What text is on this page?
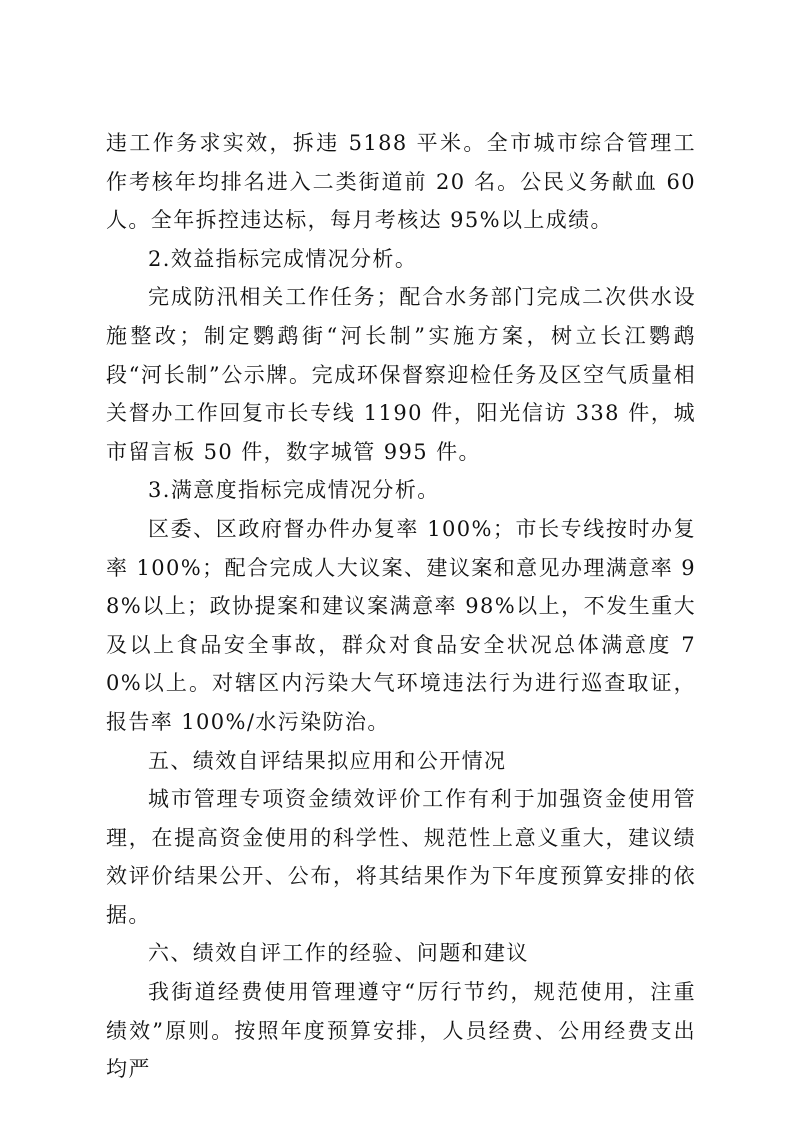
违工作务求实效，拆违 5188 平米。全市城市综合管理工作考核年均排名进入二类街道前 20 名。公民义务献血 60 人。全年拆控违达标，每月考核达 95%以上成绩。

2.效益指标完成情况分析。

完成防汛相关工作任务；配合水务部门完成二次供水设施整改；制定鹦鹉街“河长制”实施方案，树立长江鹦鹉段“河长制”公示牌。完成环保督察迎检任务及区空气质量相关督办工作回复市长专线 1190 件，阳光信访 338 件，城市留言板 50 件，数字城管 995 件。

3.满意度指标完成情况分析。

区委、区政府督办件办复率 100%；市长专线按时办复率 100%；配合完成人大议案、建议案和意见办理满意率 98%以上；政协提案和建议案满意率 98%以上，不发生重大及以上食品安全事故，群众对食品安全状况总体满意度 70%以上。对辖区内污染大气环境违法行为进行巡查取证，报告率 100%/水污染防治。

五、绩效自评结果拟应用和公开情况

城市管理专项资金绩效评价工作有利于加强资金使用管理，在提高资金使用的科学性、规范性上意义重大，建议绩效评价结果公开、公布，将其结果作为下年度预算安排的依据。

六、绩效自评工作的经验、问题和建议

我街道经费使用管理遵守“厉行节约，规范使用，注重绩效”原则。按照年度预算安排，人员经费、公用经费支出均严
